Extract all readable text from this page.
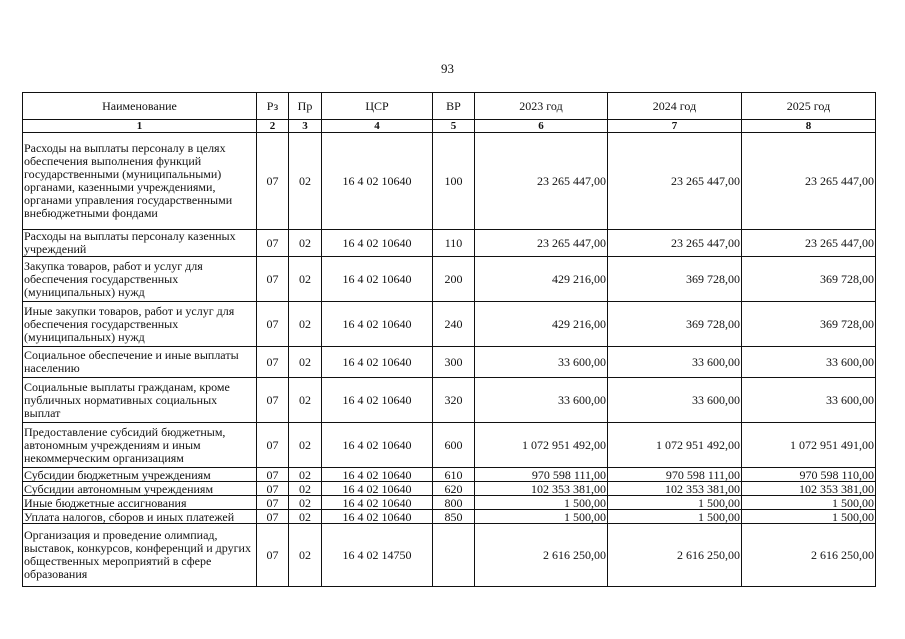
93
Наименование	Рз	Пр	ЦСР	ВР	2023 год	2024 год	2025 год
1	2	3	4	5	6	7	8
Расходы на выплаты персоналу в целях обеспечения выполнения функций государственными (муниципальными) органами, казенными учреждениями, органами управления государственными внебюджетными фондами	07	02	16 4 02 10640	100	23 265 447,00	23 265 447,00	23 265 447,00
Расходы на выплаты персоналу казенных учреждений	07	02	16 4 02 10640	110	23 265 447,00	23 265 447,00	23 265 447,00
Закупка товаров, работ и услуг для обеспечения государственных (муниципальных) нужд	07	02	16 4 02 10640	200	429 216,00	369 728,00	369 728,00
Иные закупки товаров, работ и услуг для обеспечения государственных (муниципальных) нужд	07	02	16 4 02 10640	240	429 216,00	369 728,00	369 728,00
Социальное обеспечение и иные выплаты населению	07	02	16 4 02 10640	300	33 600,00	33 600,00	33 600,00
Социальные выплаты гражданам, кроме публичных нормативных социальных выплат	07	02	16 4 02 10640	320	33 600,00	33 600,00	33 600,00
Предоставление субсидий бюджетным, автономным учреждениям и иным некоммерческим организациям	07	02	16 4 02 10640	600	1 072 951 492,00	1 072 951 492,00	1 072 951 491,00
Субсидии бюджетным учреждениям	07	02	16 4 02 10640	610	970 598 111,00	970 598 111,00	970 598 110,00
Субсидии автономным учреждениям	07	02	16 4 02 10640	620	102 353 381,00	102 353 381,00	102 353 381,00
Иные бюджетные ассигнования	07	02	16 4 02 10640	800	1 500,00	1 500,00	1 500,00
Уплата налогов, сборов и иных платежей	07	02	16 4 02 10640	850	1 500,00	1 500,00	1 500,00
Организация и проведение олимпиад, выставок, конкурсов, конференций и других общественных мероприятий в сфере образования	07	02	16 4 02 14750		2 616 250,00	2 616 250,00	2 616 250,00
